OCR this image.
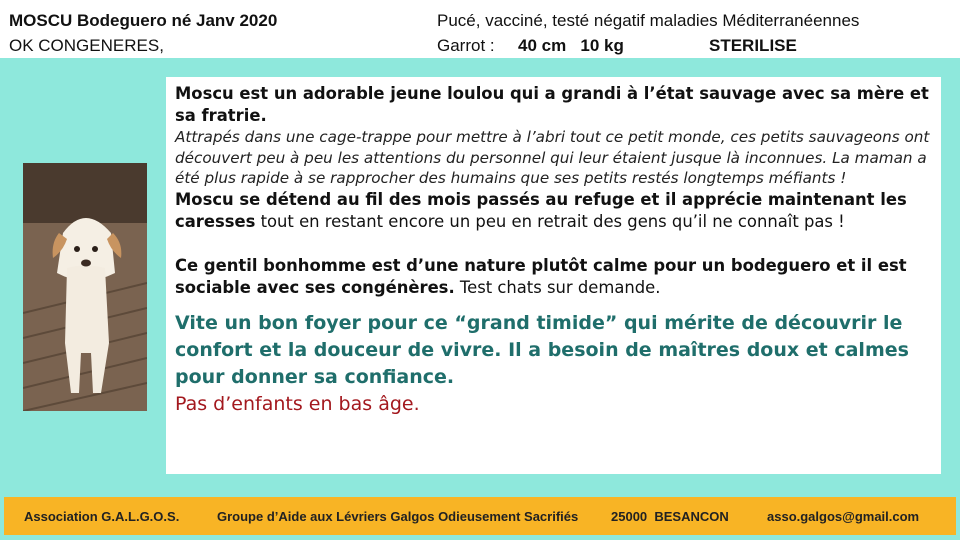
MOSCU Bodeguero né Janv 2020	Pucé, vacciné, testé négatif maladies Méditerranéennes
OK CONGENERES,	Garrot : 40 cm   10 kg	STERILISE

Moscu est un adorable jeune loulou qui a grandi à l’état sauvage avec sa mère et sa fratrie.

Attrapés dans une cage-trappe pour mettre à l’abri tout ce petit monde, ces petits sauvageons ont découvert peu à peu les attentions du personnel qui leur étaient jusque là inconnues. La maman a été plus rapide à se rapprocher des humains que ses petits restés longtemps méfiants !

Moscu se détend au fil des mois passés au refuge et il apprécie maintenant les caresses tout en restant encore un peu en retrait des gens qu’il ne connaît pas !

Ce gentil bonhomme est d’une nature plutôt calme pour un bodeguero et il est sociable avec ses congénères. Test chats sur demande.

Vite un bon foyer pour ce “grand timide” qui mérite de découvrir le confort et la douceur de vivre. Il a besoin de maîtres doux et calmes pour donner sa confiance.

Pas d’enfants en bas âge.

Association G.A.L.G.O.S.	Groupe d’Aide aux Lévriers Galgos Odieusement Sacrifiés	25000  BESANCON	asso.galgos@gmail.com
